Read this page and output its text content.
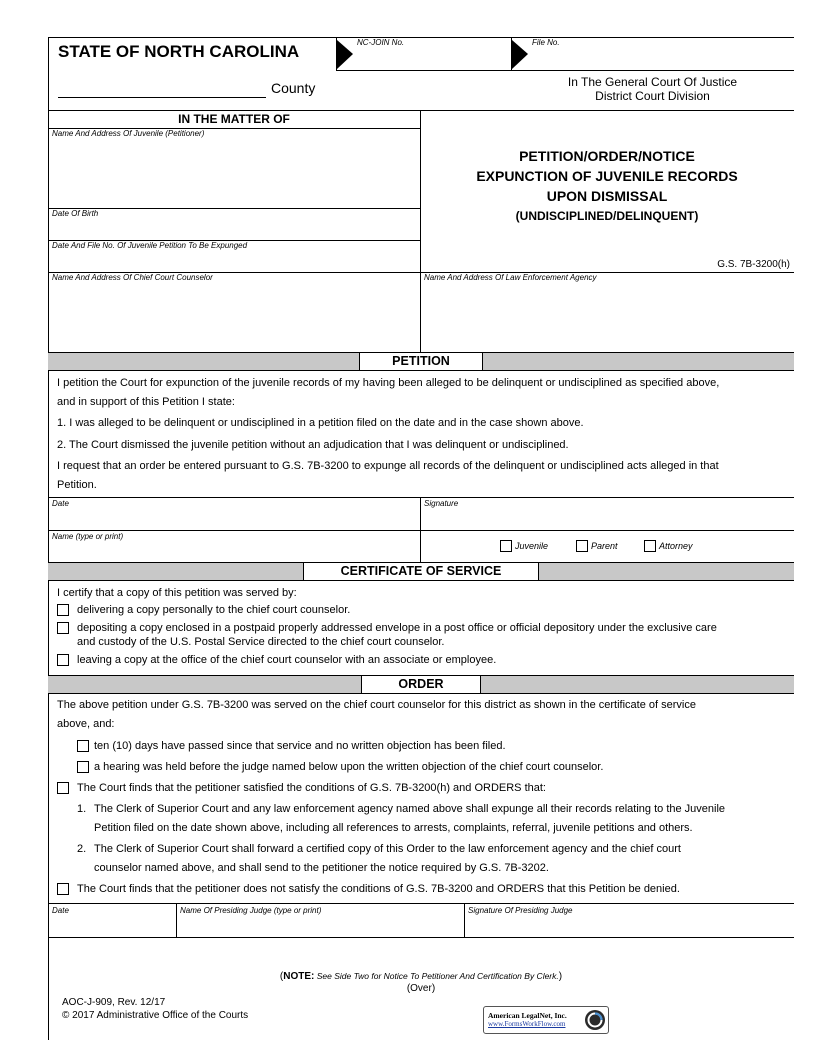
STATE OF NORTH CAROLINA	NC-JOIN No.	File No.
County	In The General Court Of Justice
District Court Division
IN THE MATTER OF
Name And Address Of Juvenile (Petitioner)
Date Of Birth
Date And File No. Of Juvenile Petition To Be Expunged
Name And Address Of Chief Court Counselor	Name And Address Of Law Enforcement Agency
PETITION/ORDER/NOTICE
EXPUNCTION OF JUVENILE RECORDS
UPON DISMISSAL
(UNDISCIPLINED/DELINQUENT)
G.S. 7B-3200(h)
PETITION
I petition the Court for expunction of the juvenile records of my having been alleged to be delinquent or undisciplined as specified above,
and in support of this Petition I state:
1. I was alleged to be delinquent or undisciplined in a petition filed on the date and in the case shown above.
2. The Court dismissed the juvenile petition without an adjudication that I was delinquent or undisciplined.
I request that an order be entered pursuant to G.S. 7B-3200 to expunge all records of the delinquent or undisciplined acts alleged in that
Petition.
Date	Signature
Name (type or print)
Juvenile	Parent	Attorney
CERTIFICATE OF SERVICE
I certify that a copy of this petition was served by:
delivering a copy personally to the chief court counselor.
depositing a copy enclosed in a postpaid properly addressed envelope in a post office or official depository under the exclusive care
and custody of the U.S. Postal Service directed to the chief court counselor.
leaving a copy at the office of the chief court counselor with an associate or employee.
ORDER
The above petition under G.S. 7B-3200 was served on the chief court counselor for this district as shown in the certificate of service
above, and:
ten (10) days have passed since that service and no written objection has been filed.
a hearing was held before the judge named below upon the written objection of the chief court counselor.
The Court finds that the petitioner satisfied the conditions of G.S. 7B-3200(h) and ORDERS that:
1. The Clerk of Superior Court and any law enforcement agency named above shall expunge all their records relating to the Juvenile
Petition filed on the date shown above, including all references to arrests, complaints, referral, juvenile petitions and others.
2. The Clerk of Superior Court shall forward a certified copy of this Order to the law enforcement agency and the chief court
counselor named above, and shall send to the petitioner the notice required by G.S. 7B-3202.
The Court finds that the petitioner does not satisfy the conditions of G.S. 7B-3200 and ORDERS that this Petition be denied.
Date	Name Of Presiding Judge (type or print)	Signature Of Presiding Judge
(NOTE: See Side Two for Notice To Petitioner And Certification By Clerk.)
(Over)
AOC-J-909, Rev. 12/17
© 2017 Administrative Office of the Courts	American LegalNet, Inc.
www.FormsWorkFlow.com
